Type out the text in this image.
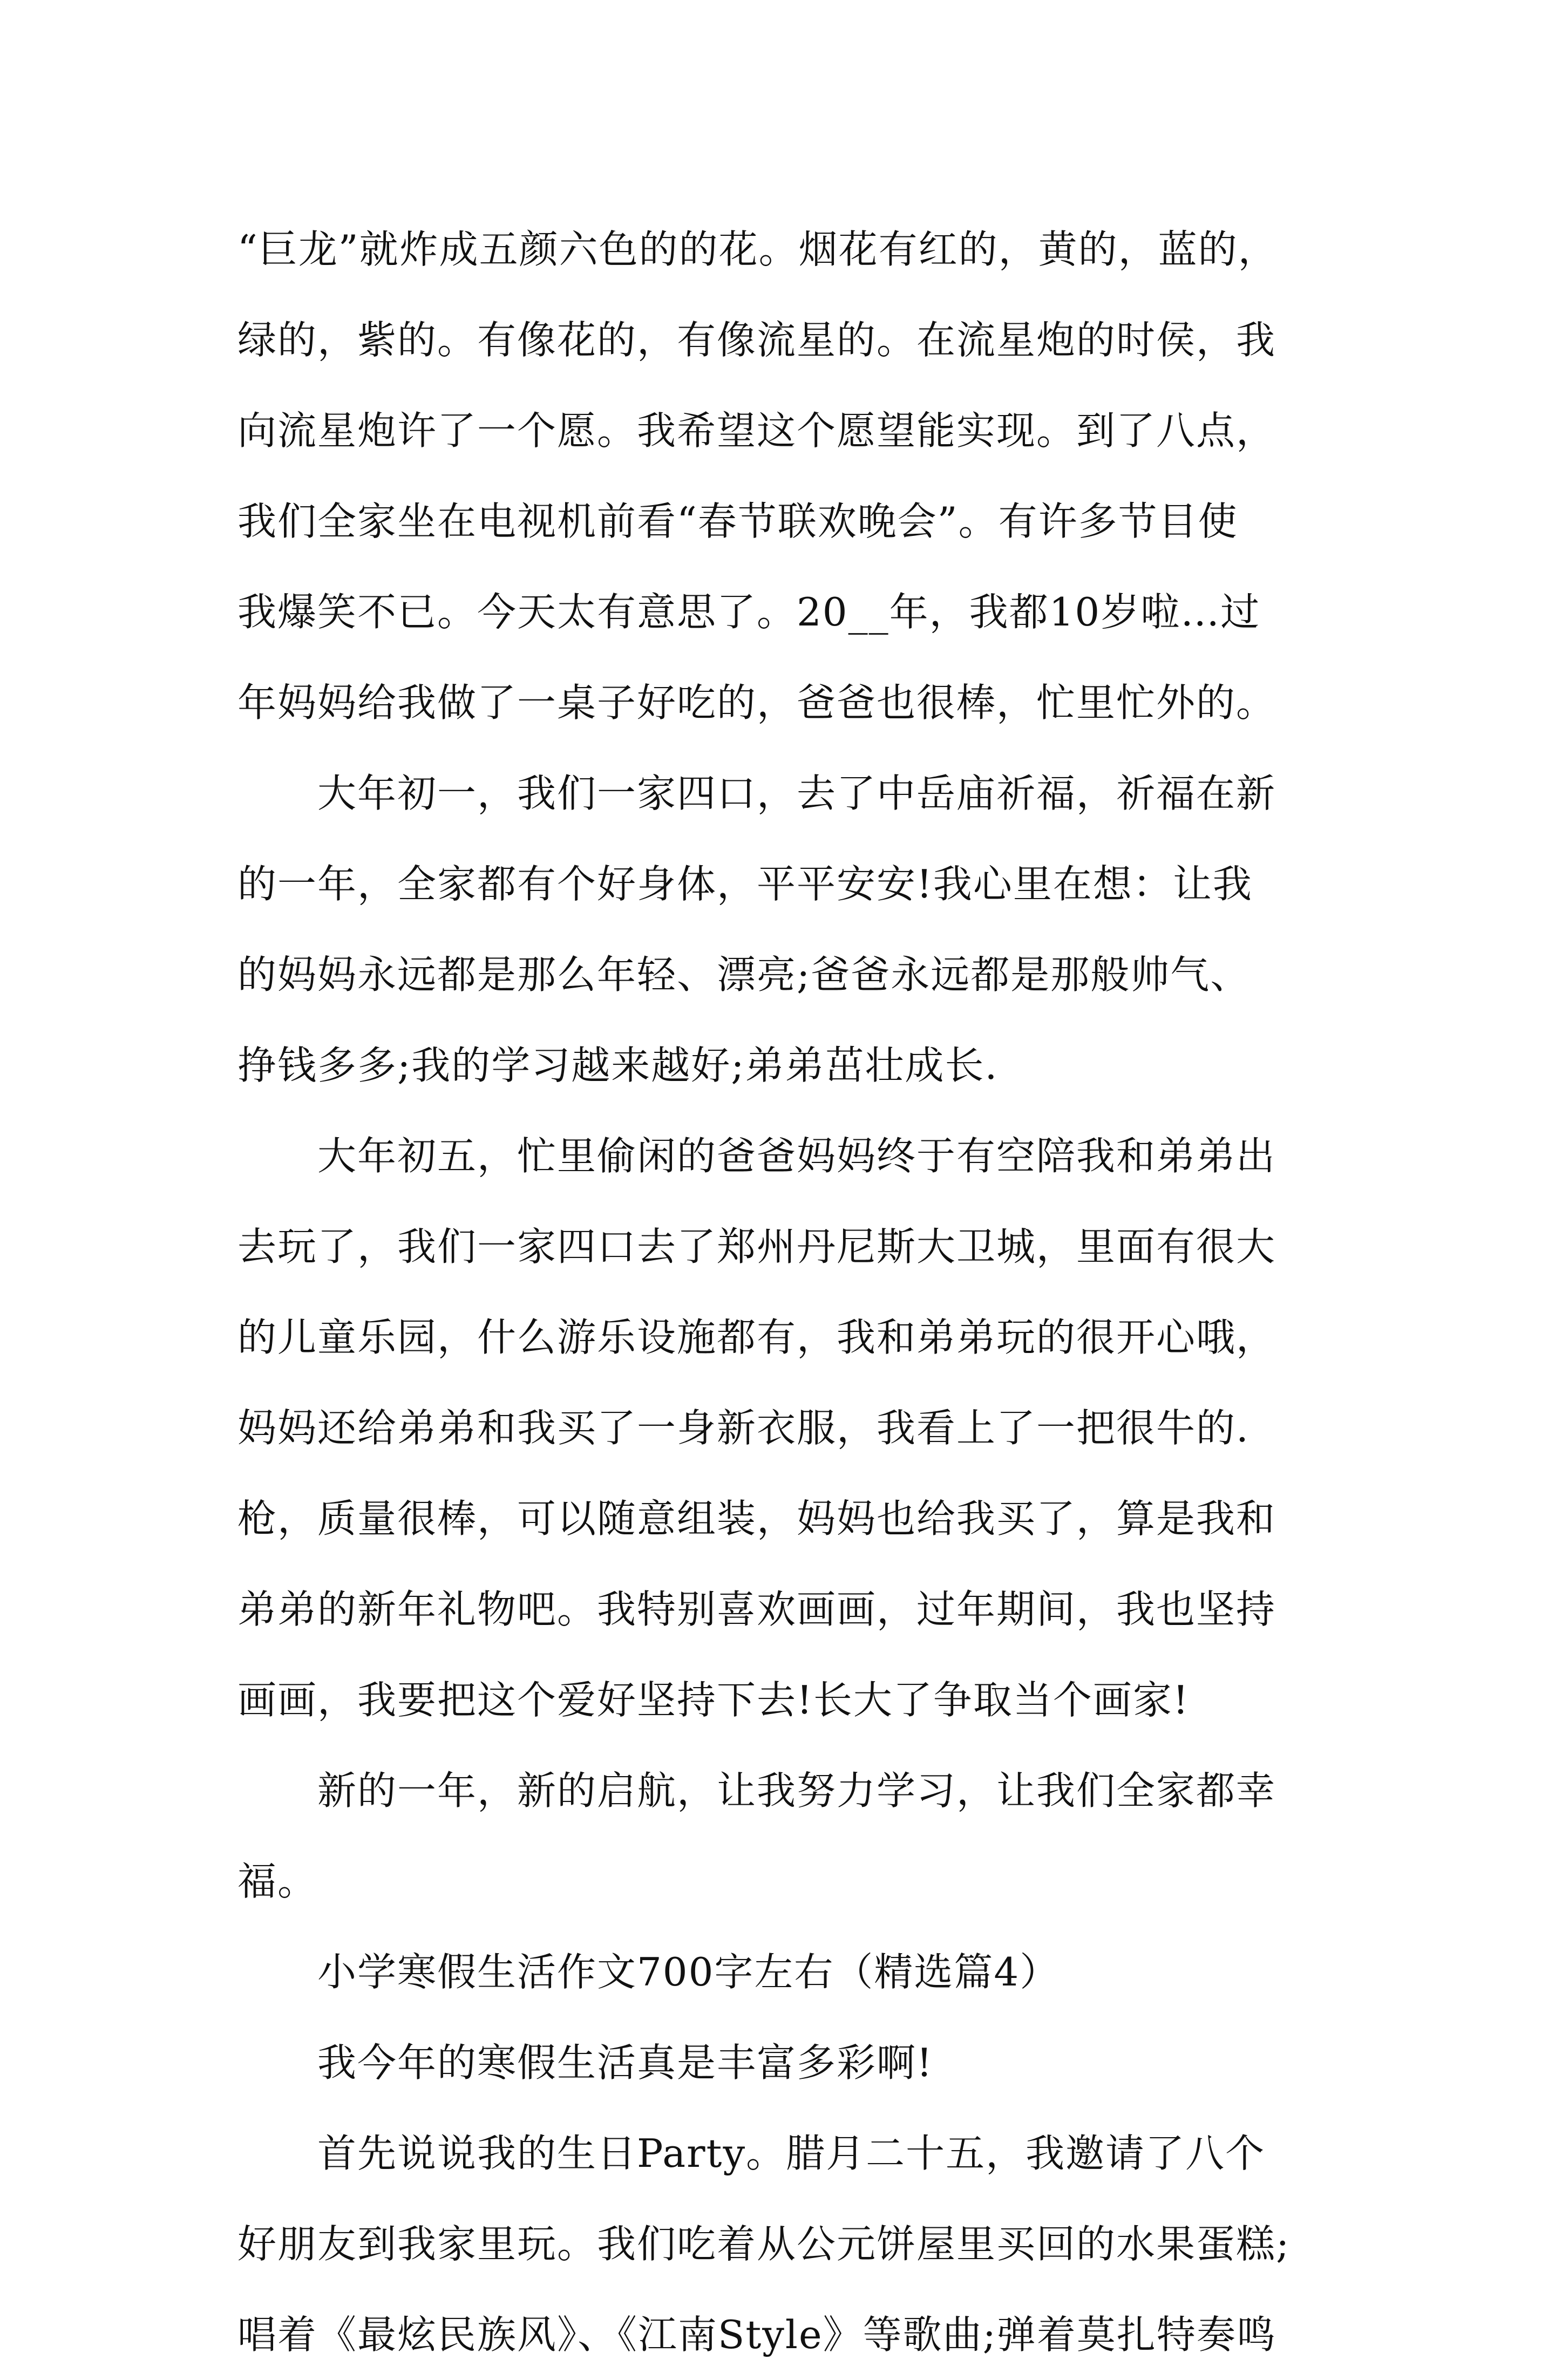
“巨龙”就炸成五颜六色的的花。烟花有红的，黄的，蓝的，
绿的，紫的。有像花的，有像流星的。在流星炮的时侯，我
向流星炮许了一个愿。我希望这个愿望能实现。到了八点，
我们全家坐在电视机前看“春节联欢晚会”。有许多节目使
我爆笑不已。今天太有意思了。20__年，我都10岁啦…过
年妈妈给我做了一桌子好吃的，爸爸也很棒，忙里忙外的。
大年初一，我们一家四口，去了中岳庙祈福，祈福在新
的一年，全家都有个好身体，平平安安!我心里在想：让我
的妈妈永远都是那么年轻、漂亮;爸爸永远都是那般帅气、
挣钱多多;我的学习越来越好;弟弟茁壮成长.
大年初五，忙里偷闲的爸爸妈妈终于有空陪我和弟弟出
去玩了，我们一家四口去了郑州丹尼斯大卫城，里面有很大
的儿童乐园，什么游乐设施都有，我和弟弟玩的很开心哦，
妈妈还给弟弟和我买了一身新衣服，我看上了一把很牛的.
枪，质量很棒，可以随意组装，妈妈也给我买了，算是我和
弟弟的新年礼物吧。我特别喜欢画画，过年期间，我也坚持
画画，我要把这个爱好坚持下去!长大了争取当个画家!
新的一年，新的启航，让我努力学习，让我们全家都幸
福。
小学寒假生活作文700字左右（精选篇4）
我今年的寒假生活真是丰富多彩啊!
首先说说我的生日Party。腊月二十五，我邀请了八个
好朋友到我家里玩。我们吃着从公元饼屋里买回的水果蛋糕;
唱着《最炫民族风》、《江南Style》等歌曲;弹着莫扎特奏鸣
